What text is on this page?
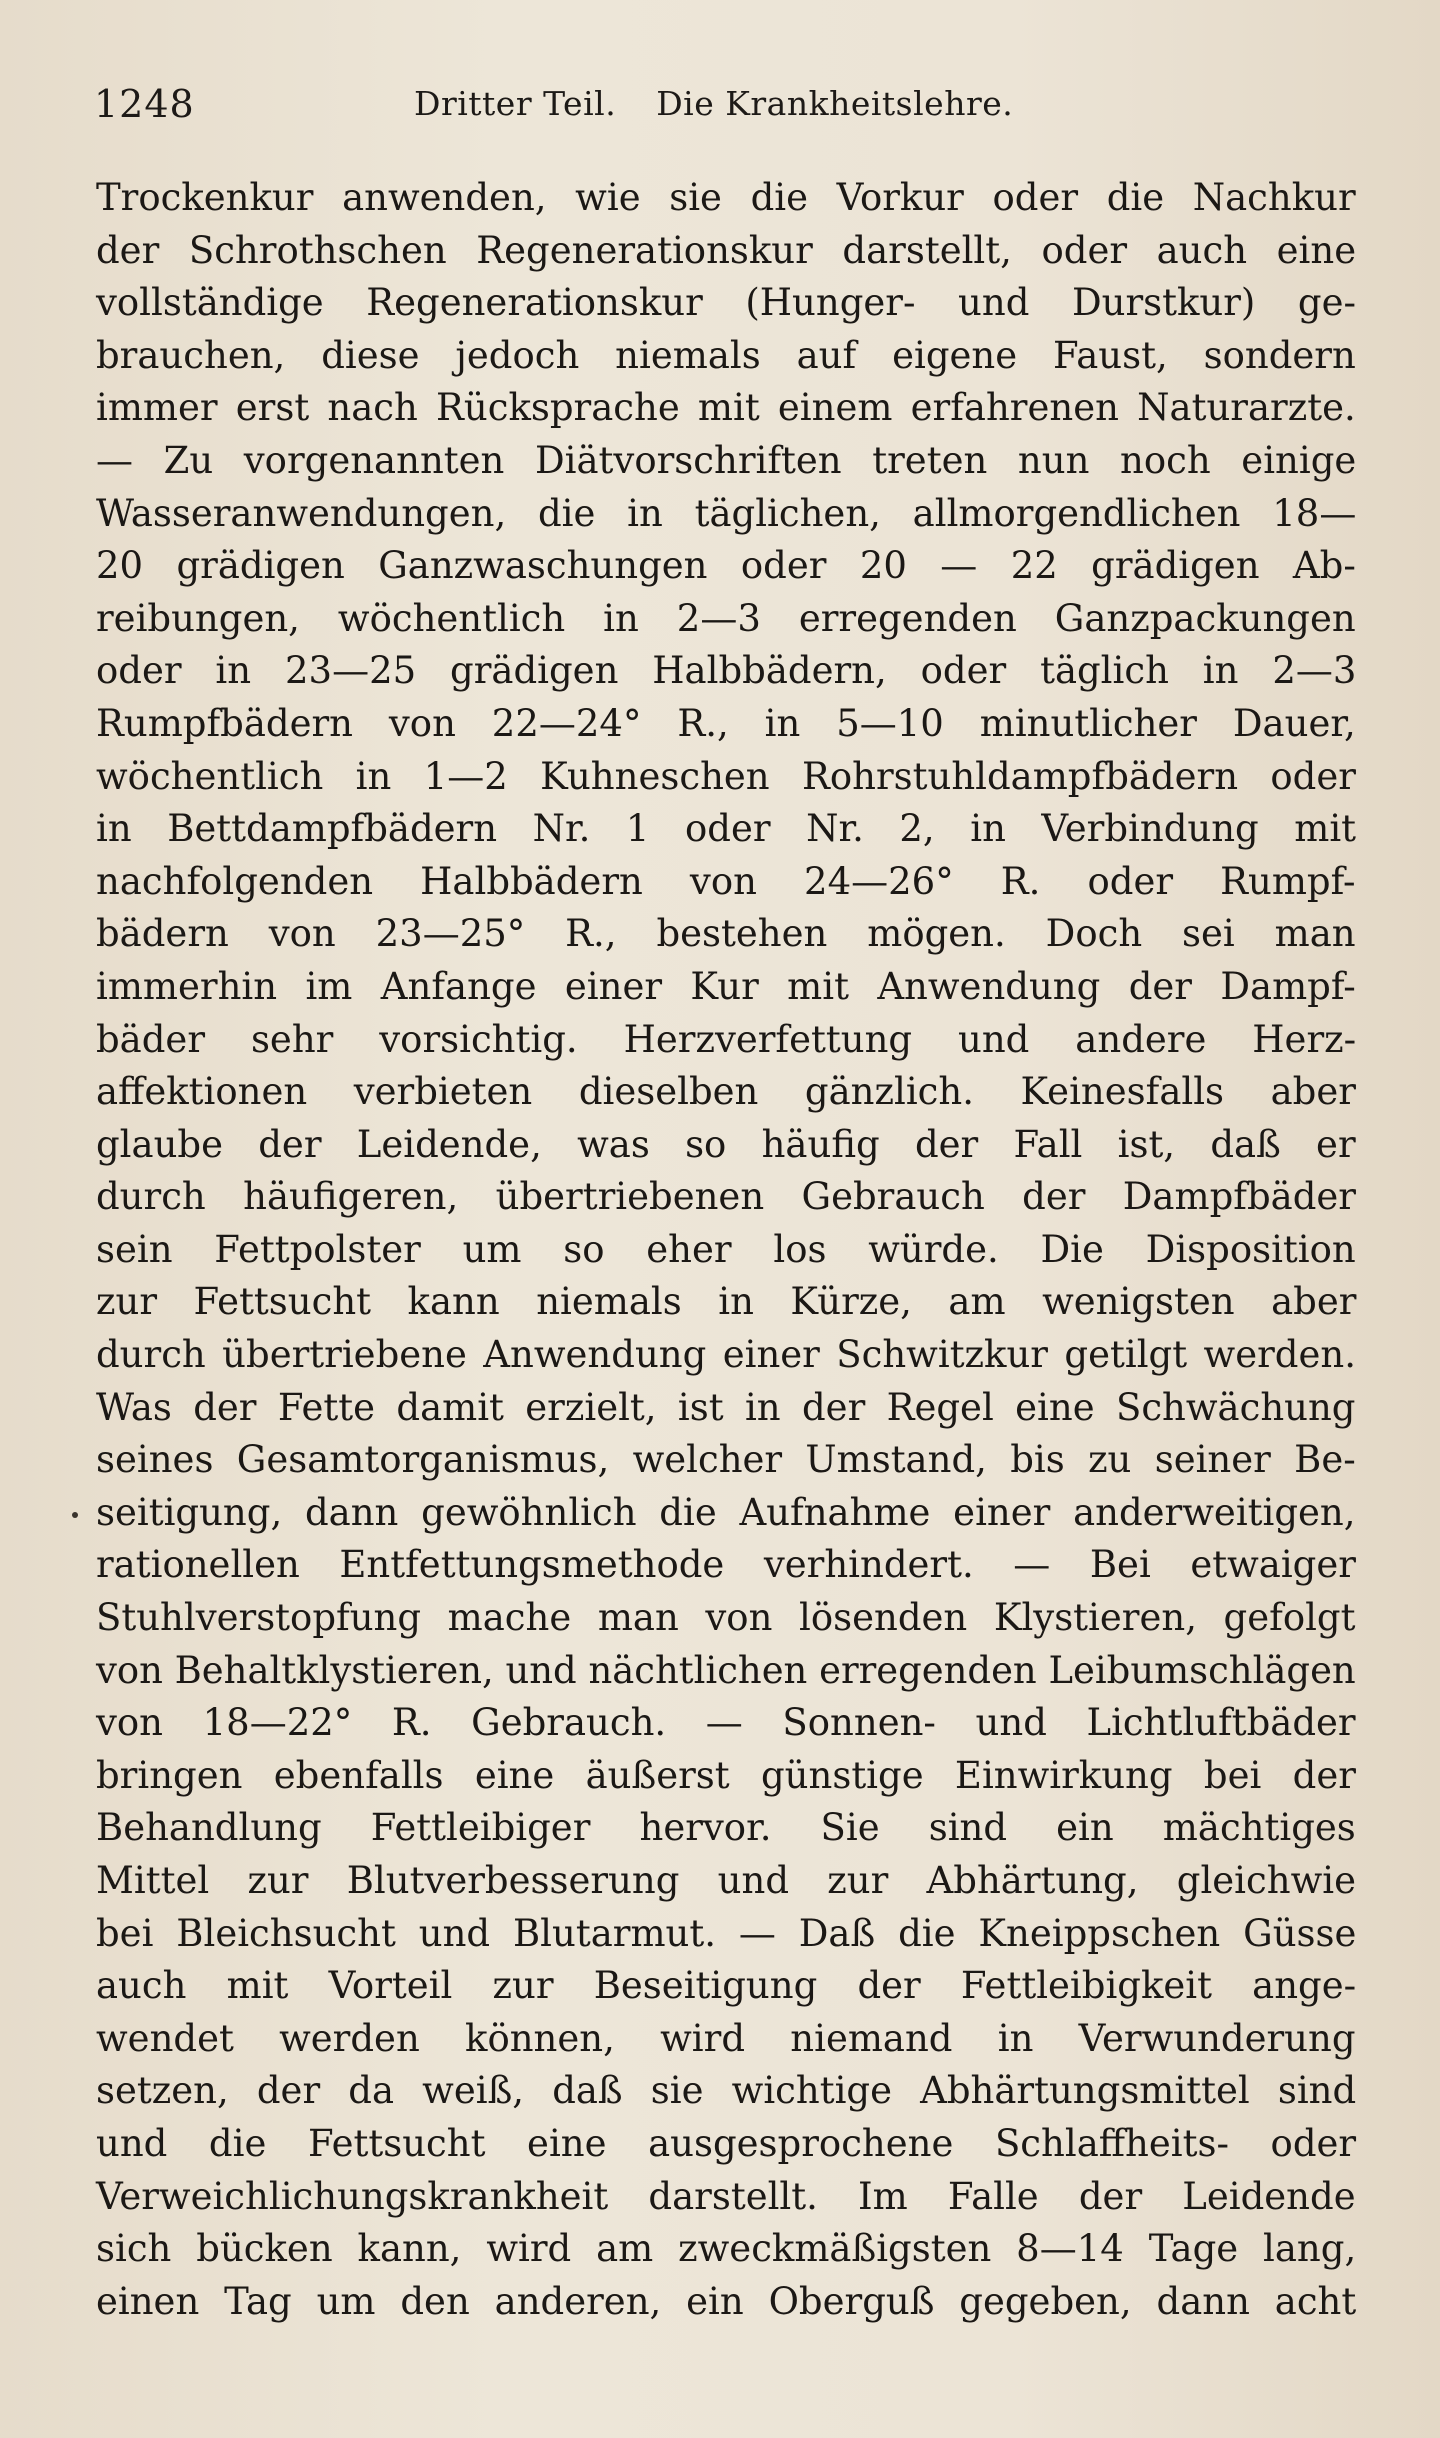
1248	Dritter Teil. Die Krankheitslehre.
Trockenkur anwenden, wie sie die Vorkur oder die Nachkur
der Schrothschen Regenerationskur darstellt, oder auch eine
vollständige Regenerationskur (Hunger- und Durstkur) ge-
brauchen, diese jedoch niemals auf eigene Faust, sondern
immer erst nach Rücksprache mit einem erfahrenen Naturarzte.
— Zu vorgenannten Diätvorschriften treten nun noch einige
Wasseranwendungen, die in täglichen, allmorgendlichen 18—
20 grädigen Ganzwaschungen oder 20 — 22 grädigen Ab-
reibungen, wöchentlich in 2—3 erregenden Ganzpackungen
oder in 23—25 grädigen Halbbädern, oder täglich in 2—3
Rumpfbädern von 22—24° R., in 5—10 minutlicher Dauer,
wöchentlich in 1—2 Kuhneschen Rohrstuhldampfbädern oder
in Bettdampfbädern Nr. 1 oder Nr. 2, in Verbindung mit
nachfolgenden Halbbädern von 24—26° R. oder Rumpf-
bädern von 23—25° R., bestehen mögen. Doch sei man
immerhin im Anfange einer Kur mit Anwendung der Dampf-
bäder sehr vorsichtig. Herzverfettung und andere Herz-
affektionen verbieten dieselben gänzlich. Keinesfalls aber
glaube der Leidende, was so häufig der Fall ist, daß er
durch häufigeren, übertriebenen Gebrauch der Dampfbäder
sein Fettpolster um so eher los würde. Die Disposition
zur Fettsucht kann niemals in Kürze, am wenigsten aber
durch übertriebene Anwendung einer Schwitzkur getilgt werden.
Was der Fette damit erzielt, ist in der Regel eine Schwächung
seines Gesamtorganismus, welcher Umstand, bis zu seiner Be-
seitigung, dann gewöhnlich die Aufnahme einer anderweitigen,
rationellen Entfettungsmethode verhindert. — Bei etwaiger
Stuhlverstopfung mache man von lösenden Klystieren, gefolgt
von Behaltklystieren, und nächtlichen erregenden Leibumschlägen
von 18—22° R. Gebrauch. — Sonnen- und Lichtluftbäder
bringen ebenfalls eine äußerst günstige Einwirkung bei der
Behandlung Fettleibiger hervor. Sie sind ein mächtiges
Mittel zur Blutverbesserung und zur Abhärtung, gleichwie
bei Bleichsucht und Blutarmut. — Daß die Kneippschen Güsse
auch mit Vorteil zur Beseitigung der Fettleibigkeit ange-
wendet werden können, wird niemand in Verwunderung
setzen, der da weiß, daß sie wichtige Abhärtungsmittel sind
und die Fettsucht eine ausgesprochene Schlaffheits- oder
Verweichlichungskrankheit darstellt. Im Falle der Leidende
sich bücken kann, wird am zweckmäßigsten 8—14 Tage lang,
einen Tag um den anderen, ein Oberguß gegeben, dann acht
